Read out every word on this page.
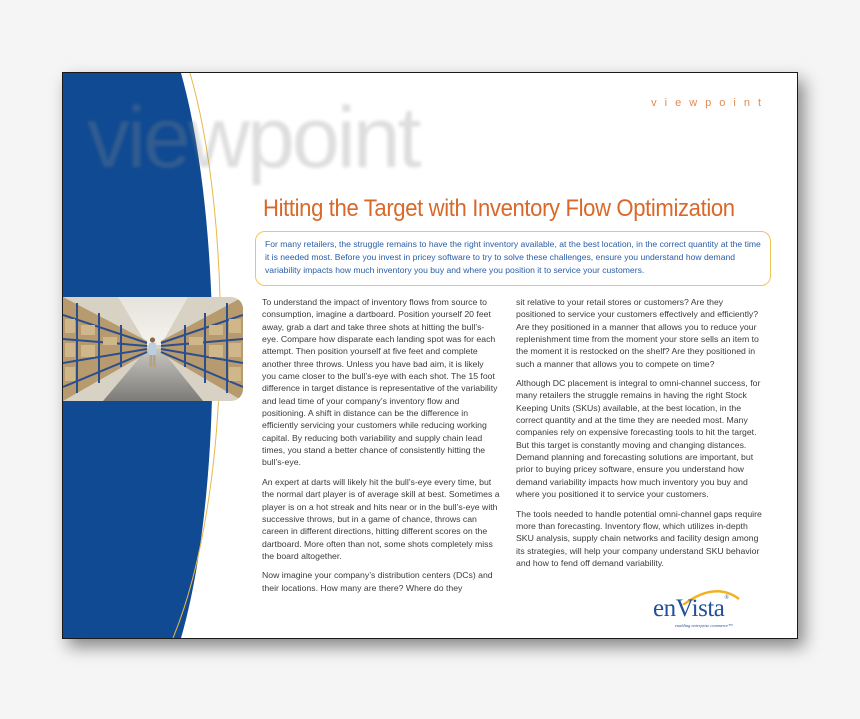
viewpoint	viewpoint
Hitting the Target with Inventory Flow Optimization
For many retailers, the struggle remains to have the right inventory available, at the best location, in the correct quantity at the time it is needed most. Before you invest in pricey software to try to solve these challenges, ensure you understand how demand variability impacts how much inventory you buy and where you position it to service your customers.

To understand the impact of inventory flows from source to consumption, imagine a dartboard. Position yourself 20 feet away, grab a dart and take three shots at hitting the bull’s-eye. Compare how disparate each landing spot was for each attempt. Then position yourself at five feet and complete another three throws. Unless you have bad aim, it is likely you came closer to the bull’s-eye with each shot. The 15 foot difference in target distance is representative of the variability and lead time of your company’s inventory flow and positioning. A shift in distance can be the difference in efficiently servicing your customers while reducing working capital. By reducing both variability and supply chain lead times, you stand a better chance of consistently hitting the bull’s-eye.

An expert at darts will likely hit the bull’s-eye every time, but the normal dart player is of average skill at best. Sometimes a player is on a hot streak and hits near or in the bull’s-eye with successive throws, but in a game of chance, throws can careen in different directions, hitting different scores on the dartboard. More often than not, some shots completely miss the board altogether.

Now imagine your company’s distribution centers (DCs) and their locations. How many are there? Where do they

sit relative to your retail stores or customers? Are they positioned to service your customers effectively and efficiently? Are they positioned in a manner that allows you to reduce your replenishment time from the moment your store sells an item to the moment it is restocked on the shelf? Are they positioned in such a manner that allows you to compete on time?

Although DC placement is integral to omni-channel success, for many retailers the struggle remains in having the right Stock Keeping Units (SKUs) available, at the best location, in the correct quantity and at the time they are needed most. Many companies rely on expensive forecasting tools to hit the target. But this target is constantly moving and changing distances. Demand planning and forecasting solutions are important, but prior to buying pricey software, ensure you understand how demand variability impacts how much inventory you buy and where you positioned it to service your customers.

The tools needed to handle potential omni-channel gaps require more than forecasting. Inventory flow, which utilizes in-depth SKU analysis, supply chain networks and facility design among its strategies, will help your company understand SKU behavior and how to fend off demand variability.

enVista®
enabling enterprise commerce™
